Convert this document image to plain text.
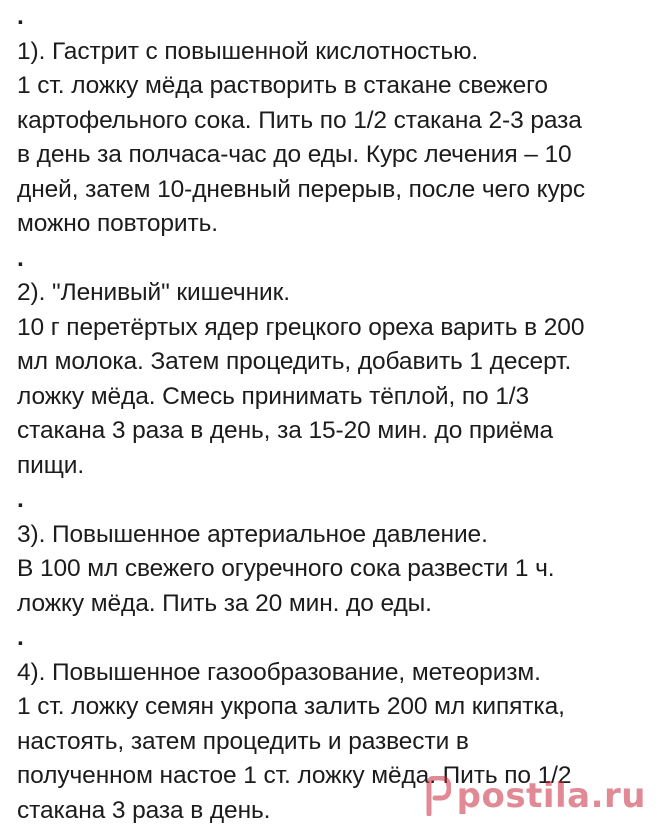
.
1). Гастрит с повышенной кислотностью.
1 ст. ложку мёда растворить в стакане свежего
картофельного сока. Пить по 1/2 стакана 2-3 раза
в день за полчаса-час до еды. Курс лечения – 10
дней, затем 10-дневный перерыв, после чего курс
можно повторить.
.
2). "Ленивый" кишечник.
10 г перетёртых ядер грецкого ореха варить в 200
мл молока. Затем процедить, добавить 1 десерт.
ложку мёда. Смесь принимать тёплой, по 1/3
стакана 3 раза в день, за 15-20 мин. до приёма
пищи.
.
3). Повышенное артериальное давление.
В 100 мл свежего огуречного сока развести 1 ч.
ложку мёда. Пить за 20 мин. до еды.
.
4). Повышенное газообразование, метеоризм.
1 ст. ложку семян укропа залить 200 мл кипятка,
настоять, затем процедить и развести в
полученном настое 1 ст. ложку мёда. Пить по 1/2
стакана 3 раза в день.	postila.ru
